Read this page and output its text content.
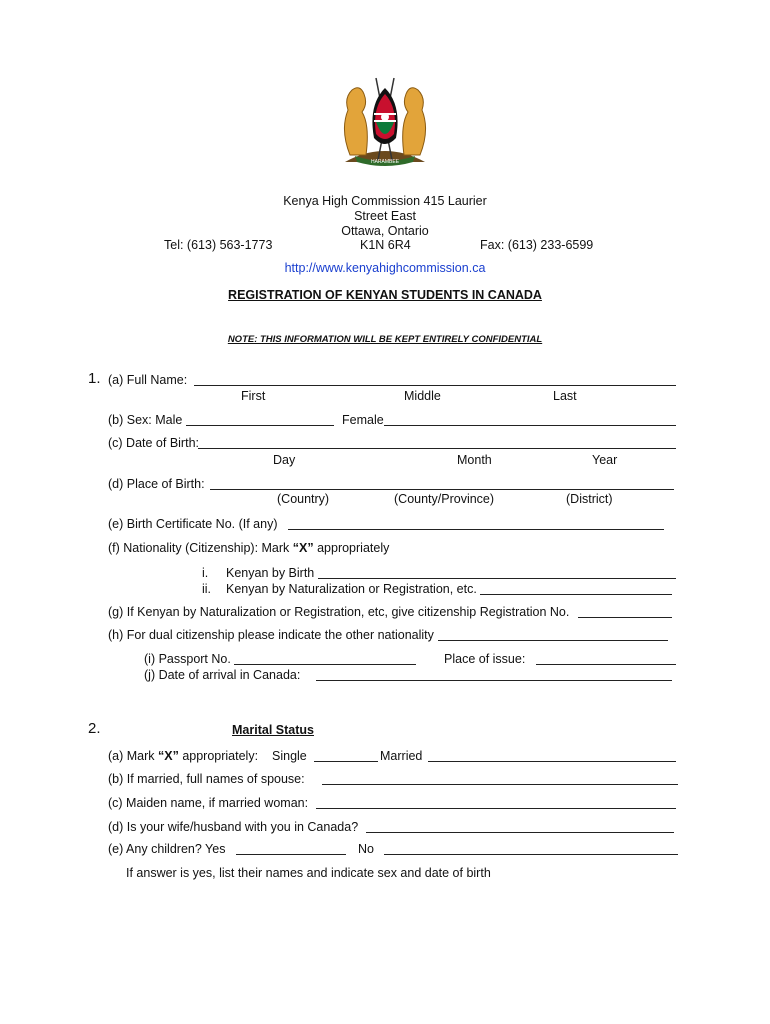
HARAMBEE
Kenya High Commission 415 Laurier
Street East
Ottawa, Ontario
Tel: (613) 563-1773	K1N 6R4	Fax: (613) 233-6599
http://www.kenyahighcommission.ca
REGISTRATION OF KENYAN STUDENTS IN CANADA
NOTE: THIS INFORMATION WILL BE KEPT ENTIRELY CONFIDENTIAL
1. (a) Full Name:
First	Middle	Last
(b) Sex: Male	Female
(c) Date of Birth:
Day	Month	Year
(d) Place of Birth:
(Country)	(County/Province)	(District)
(e) Birth Certificate No. (If any)
(f) Nationality (Citizenship): Mark “X” appropriately
i. Kenyan by Birth
ii. Kenyan by Naturalization or Registration, etc.
(g) If Kenyan by Naturalization or Registration, etc, give citizenship Registration No.
(h) For dual citizenship please indicate the other nationality
(i) Passport No.	Place of issue:
(j) Date of arrival in Canada:
2.	Marital Status
(a) Mark “X” appropriately: Single	Married
(b) If married, full names of spouse:
(c) Maiden name, if married woman:
(d) Is your wife/husband with you in Canada?
(e) Any children? Yes	No
If answer is yes, list their names and indicate sex and date of birth
